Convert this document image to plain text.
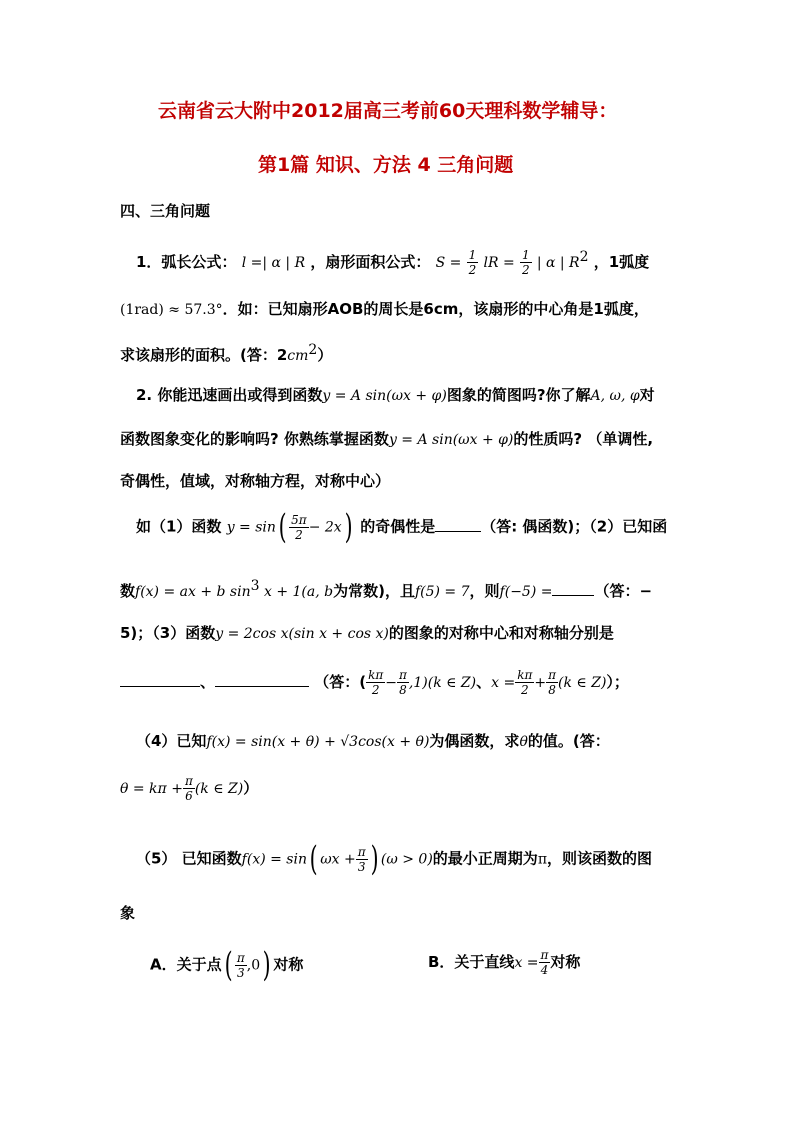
云南省云大附中2012届高三考前60天理科数学辅导：
第1篇 知识、方法 4 三角问题
四、三角问题
1．弧长公式： l =| α | R ，扇形面积公式： $S = \frac{1}{2}$ lR = $\frac{1}{2}$ | α | $R^2$ ，1弧度
(1rad) ≈ 57.3°．如：已知扇形AOB的周长是6cm，该扇形的中心角是1弧度，
求该扇形的面积。(答：$2cm^2$）
2. 你能迅速画出或得到函数y = A sin(ωx + φ)图象的简图吗?你了解A, ω, φ对
函数图象变化的影响吗? 你熟练掌握函数y = A sin(ωx + φ)的性质吗? （单调性,
奇偶性，值域，对称轴方程，对称中心）
如（1）函数 $y = \sin( \frac{5\pi}{2} - 2x)$ 的奇偶性是	（答: 偶函数)；（2）已知函
数f(x) = ax + b $\sin^3 x + 1(a$, b为常数)，且f(5) = 7，则f(−5) =	（答：−
5)；（3）函数y = 2cos x(sin x + cos x)的图象的对称中心和对称轴分别是
、	（答：( $\frac{k\pi}{2} - \frac{\pi}{8} ,1)(k$ ∈ Z)、$x = \frac{k\pi}{2} + \frac{\pi}{8} (k$ ∈ Z)）；
（4）已知f(x) = sin(x + θ) + √3cos(x + θ)为偶函数，求θ的值。(答：
$\theta = k\pi + \frac{\pi}{6} (k$ ∈ Z)）
（5） 已知函数f(x) = sin( $\omega x + \frac{\pi}{3}$ ) (ω > 0)的最小正周期为π，则该函数的图
象
A．关于点( $\frac{\pi}{3} ,0$) 对称	B．关于直线$x = \frac{\pi}{4}$ 对称
